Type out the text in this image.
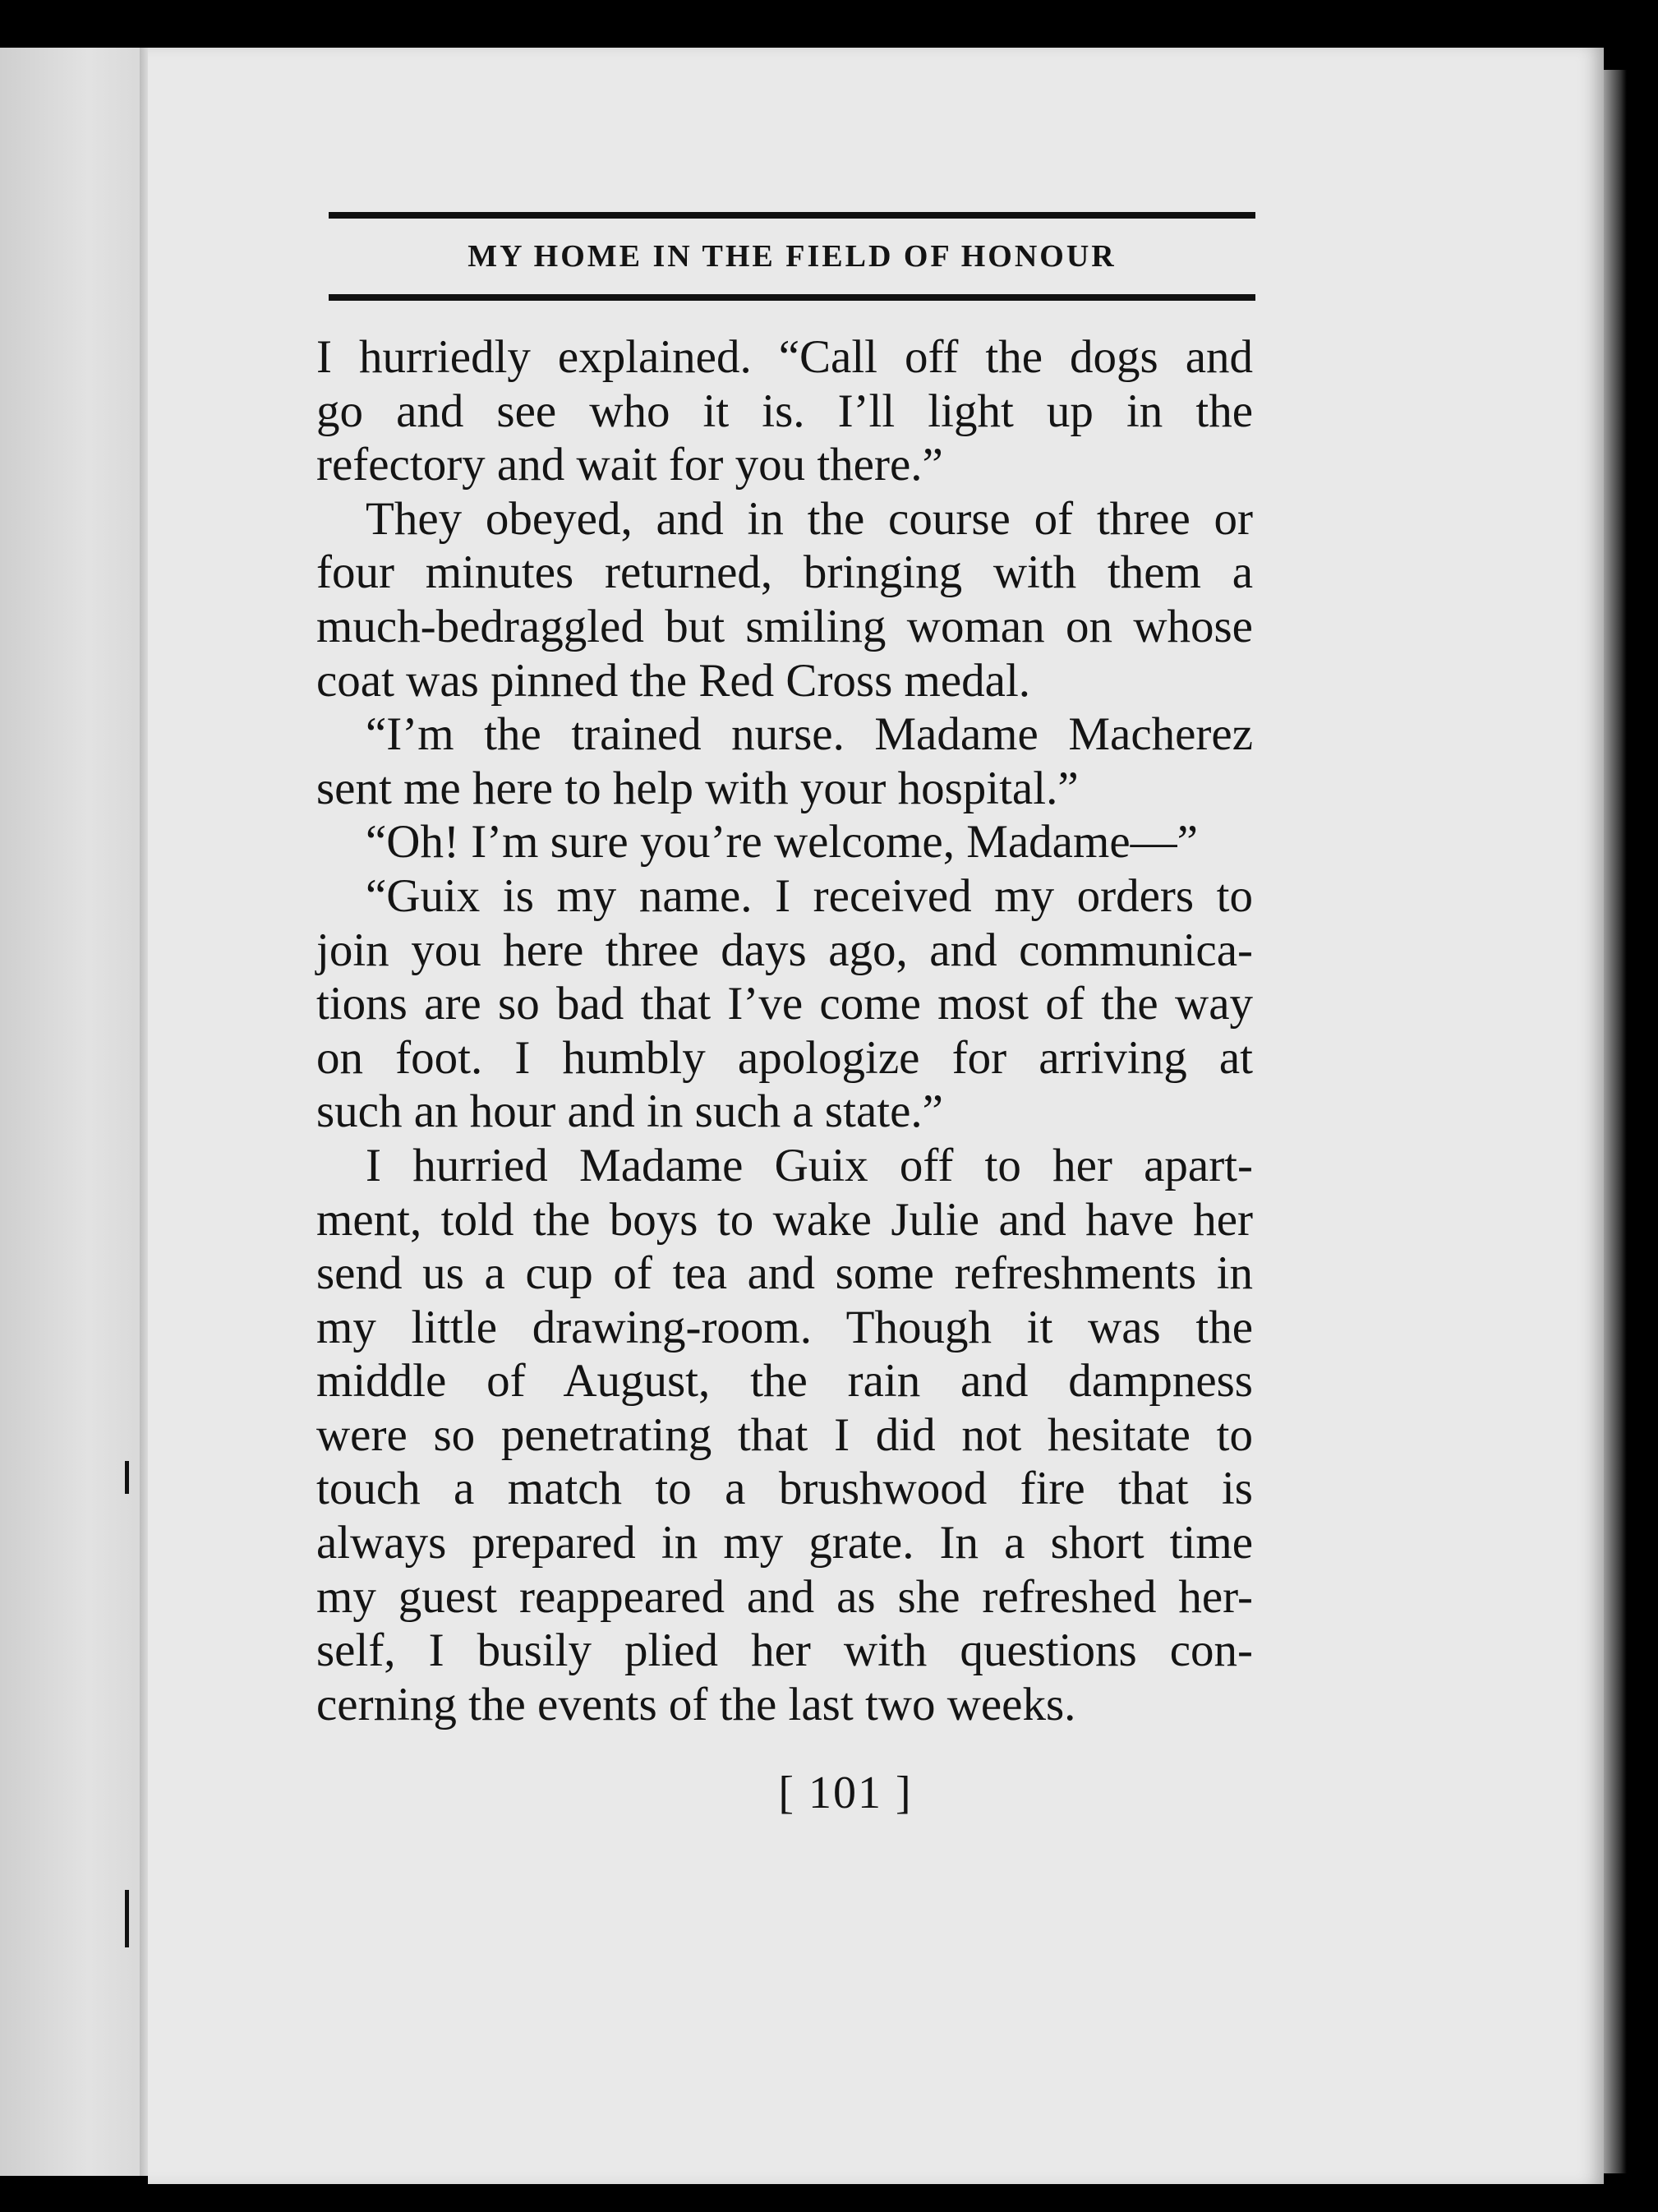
MY HOME IN THE FIELD OF HONOUR
I hurriedly explained. “Call off the dogs and
go and see who it is. I’ll light up in the
refectory and wait for you there.”
They obeyed, and in the course of three or
four minutes returned, bringing with them a
much-bedraggled but smiling woman on whose
coat was pinned the Red Cross medal.
“I’m the trained nurse. Madame Macherez
sent me here to help with your hospital.”
“Oh! I’m sure you’re welcome, Madame—”
“Guix is my name. I received my orders to
join you here three days ago, and communica-
tions are so bad that I’ve come most of the way
on foot. I humbly apologize for arriving at
such an hour and in such a state.”
I hurried Madame Guix off to her apart-
ment, told the boys to wake Julie and have her
send us a cup of tea and some refreshments in
my little drawing-room. Though it was the
middle of August, the rain and dampness
were so penetrating that I did not hesitate to
touch a match to a brushwood fire that is
always prepared in my grate. In a short time
my guest reappeared and as she refreshed her-
self, I busily plied her with questions con-
cerning the events of the last two weeks.
[ 101 ]
